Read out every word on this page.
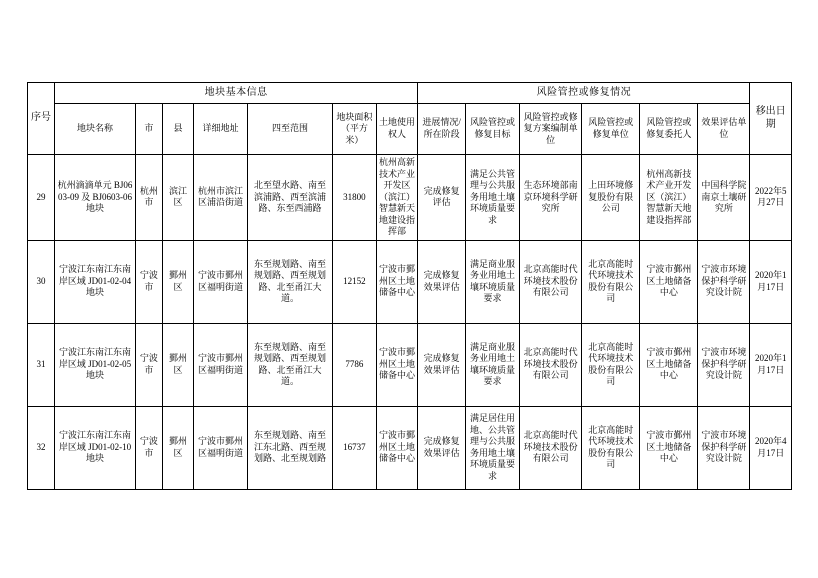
序号	地块基本信息							风险管控或修复情况						移出日期
	地块名称	市	县	详细地址	四至范围	地块面积（平方米）	土地使用权人	进展情况/所在阶段	风险管控或修复目标	风险管控或修复方案编制单位	风险管控或修复单位	风险管控或修复委托人	效果评估单位	
29	杭州滴滴单元 BJ0603-09 及 BJ0603-06 地块	杭州市	滨江区	杭州市滨江区浦沿街道	北至望水路、南至滨浦路、西至滨浦路、东至西浦路	31800	杭州高新技术产业开发区（滨江）智慧新天地建设指挥部	完成修复评估	满足公共管理与公共服务用地土壤环境质量要求	生态环境部南京环境科学研究所	上田环境修复股份有限公司	杭州高新技术产业开发区（滨江）智慧新天地建设指挥部	中国科学院南京土壤研究所	2022年5月27日
30	宁波江东南江东南岸区域 JD01-02-04 地块	宁波市	鄞州区	宁波市鄞州区福明街道	东至规划路、南至规划路、西至规划路、北至甬江大道。	12152	宁波市鄞州区土地储备中心	完成修复效果评估	满足商业服务业用地土壤环境质量要求	北京高能时代环境技术股份有限公司	北京高能时代环境技术股份有限公司	宁波市鄞州区土地储备中心	宁波市环境保护科学研究设计院	2020年1月17日
31	宁波江东南江东南岸区域 JD01-02-05 地块	宁波市	鄞州区	宁波市鄞州区福明街道	东至规划路、南至规划路、西至规划路、北至甬江大道。	7786	宁波市鄞州区土地储备中心	完成修复效果评估	满足商业服务业用地土壤环境质量要求	北京高能时代环境技术股份有限公司	北京高能时代环境技术股份有限公司	宁波市鄞州区土地储备中心	宁波市环境保护科学研究设计院	2020年1月17日
32	宁波江东南江东南岸区域 JD01-02-10 地块	宁波市	鄞州区	宁波市鄞州区福明街道	东至规划路、南至江东北路、西至规划路、北至规划路	16737	宁波市鄞州区土地储备中心	完成修复效果评估	满足居住用地、公共管理与公共服务用地土壤环境质量要求	北京高能时代环境技术股份有限公司	北京高能时代环境技术股份有限公司	宁波市鄞州区土地储备中心	宁波市环境保护科学研究设计院	2020年4月17日
